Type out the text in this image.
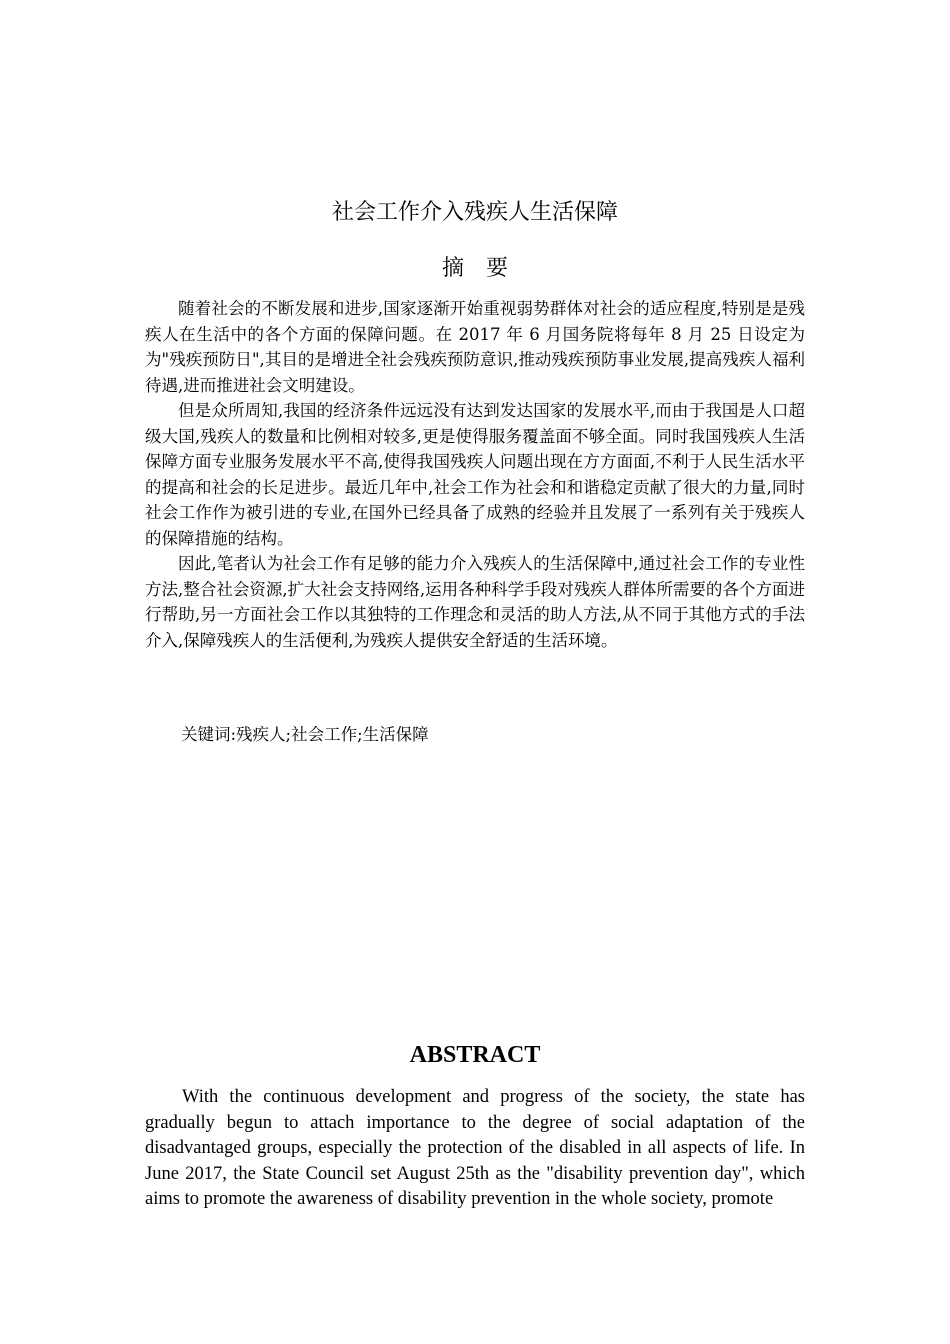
社会工作介入残疾人生活保障
摘要

随着社会的不断发展和进步,国家逐渐开始重视弱势群体对社会的适应程度,特别是是残疾人在生活中的各个方面的保障问题。在 2017 年 6 月国务院将每年 8 月 25 日设定为为"残疾预防日",其目的是增进全社会残疾预防意识,推动残疾预防事业发展,提高残疾人福利待遇,进而推进社会文明建设。

但是众所周知,我国的经济条件远远没有达到发达国家的发展水平,而由于我国是人口超级大国,残疾人的数量和比例相对较多,更是使得服务覆盖面不够全面。同时我国残疾人生活保障方面专业服务发展水平不高,使得我国残疾人问题出现在方方面面,不利于人民生活水平的提高和社会的长足进步。最近几年中,社会工作为社会和和谐稳定贡献了很大的力量,同时社会工作作为被引进的专业,在国外已经具备了成熟的经验并且发展了一系列有关于残疾人的保障措施的结构。

因此,笔者认为社会工作有足够的能力介入残疾人的生活保障中,通过社会工作的专业性方法,整合社会资源,扩大社会支持网络,运用各种科学手段对残疾人群体所需要的各个方面进行帮助,另一方面社会工作以其独特的工作理念和灵活的助人方法,从不同于其他方式的手法介入,保障残疾人的生活便利,为残疾人提供安全舒适的生活环境。

关键词:残疾人;社会工作;生活保障
ABSTRACT

With the continuous development and progress of the society, the state has gradually begun to attach importance to the degree of social adaptation of the disadvantaged groups, especially the protection of the disabled in all aspects of life. In June 2017, the State Council set August 25th as the "disability prevention day", which aims to promote the awareness of disability prevention in the whole society, promote
